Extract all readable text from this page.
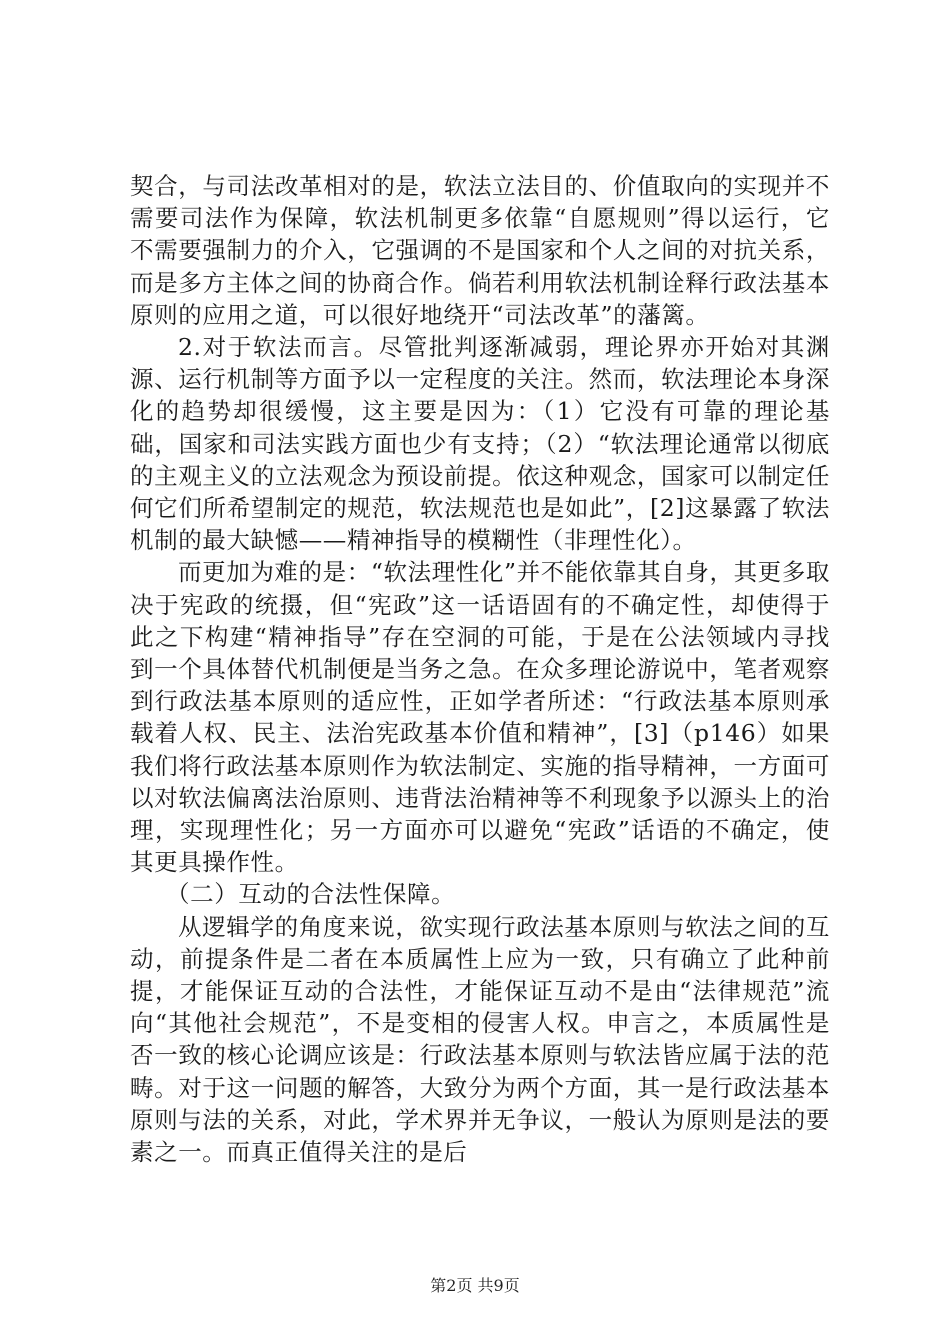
契合，与司法改革相对的是，软法立法目的、价值取向的实现并不需要司法作为保障，软法机制更多依靠“自愿规则”得以运行，它不需要强制力的介入，它强调的不是国家和个人之间的对抗关系，而是多方主体之间的协商合作。倘若利用软法机制诠释行政法基本原则的应用之道，可以很好地绕开“司法改革”的藩篱。

2.对于软法而言。尽管批判逐渐减弱，理论界亦开始对其渊源、运行机制等方面予以一定程度的关注。然而，软法理论本身深化的趋势却很缓慢，这主要是因为：（1）它没有可靠的理论基础，国家和司法实践方面也少有支持；（2）“软法理论通常以彻底的主观主义的立法观念为预设前提。依这种观念，国家可以制定任何它们所希望制定的规范，软法规范也是如此”，[2]这暴露了软法机制的最大缺憾——精神指导的模糊性（非理性化）。

而更加为难的是：“软法理性化”并不能依靠其自身，其更多取决于宪政的统摄，但“宪政”这一话语固有的不确定性，却使得于此之下构建“精神指导”存在空洞的可能，于是在公法领域内寻找到一个具体替代机制便是当务之急。在众多理论游说中，笔者观察到行政法基本原则的适应性，正如学者所述：“行政法基本原则承载着人权、民主、法治宪政基本价值和精神”，[3]（p146）如果我们将行政法基本原则作为软法制定、实施的指导精神，一方面可以对软法偏离法治原则、违背法治精神等不利现象予以源头上的治理，实现理性化；另一方面亦可以避免“宪政”话语的不确定，使其更具操作性。

（二）互动的合法性保障。

从逻辑学的角度来说，欲实现行政法基本原则与软法之间的互动，前提条件是二者在本质属性上应为一致，只有确立了此种前提，才能保证互动的合法性，才能保证互动不是由“法律规范”流向“其他社会规范”，不是变相的侵害人权。申言之，本质属性是否一致的核心论调应该是：行政法基本原则与软法皆应属于法的范畴。对于这一问题的解答，大致分为两个方面，其一是行政法基本原则与法的关系，对此，学术界并无争议，一般认为原则是法的要素之一。而真正值得关注的是后

第2页 共9页
